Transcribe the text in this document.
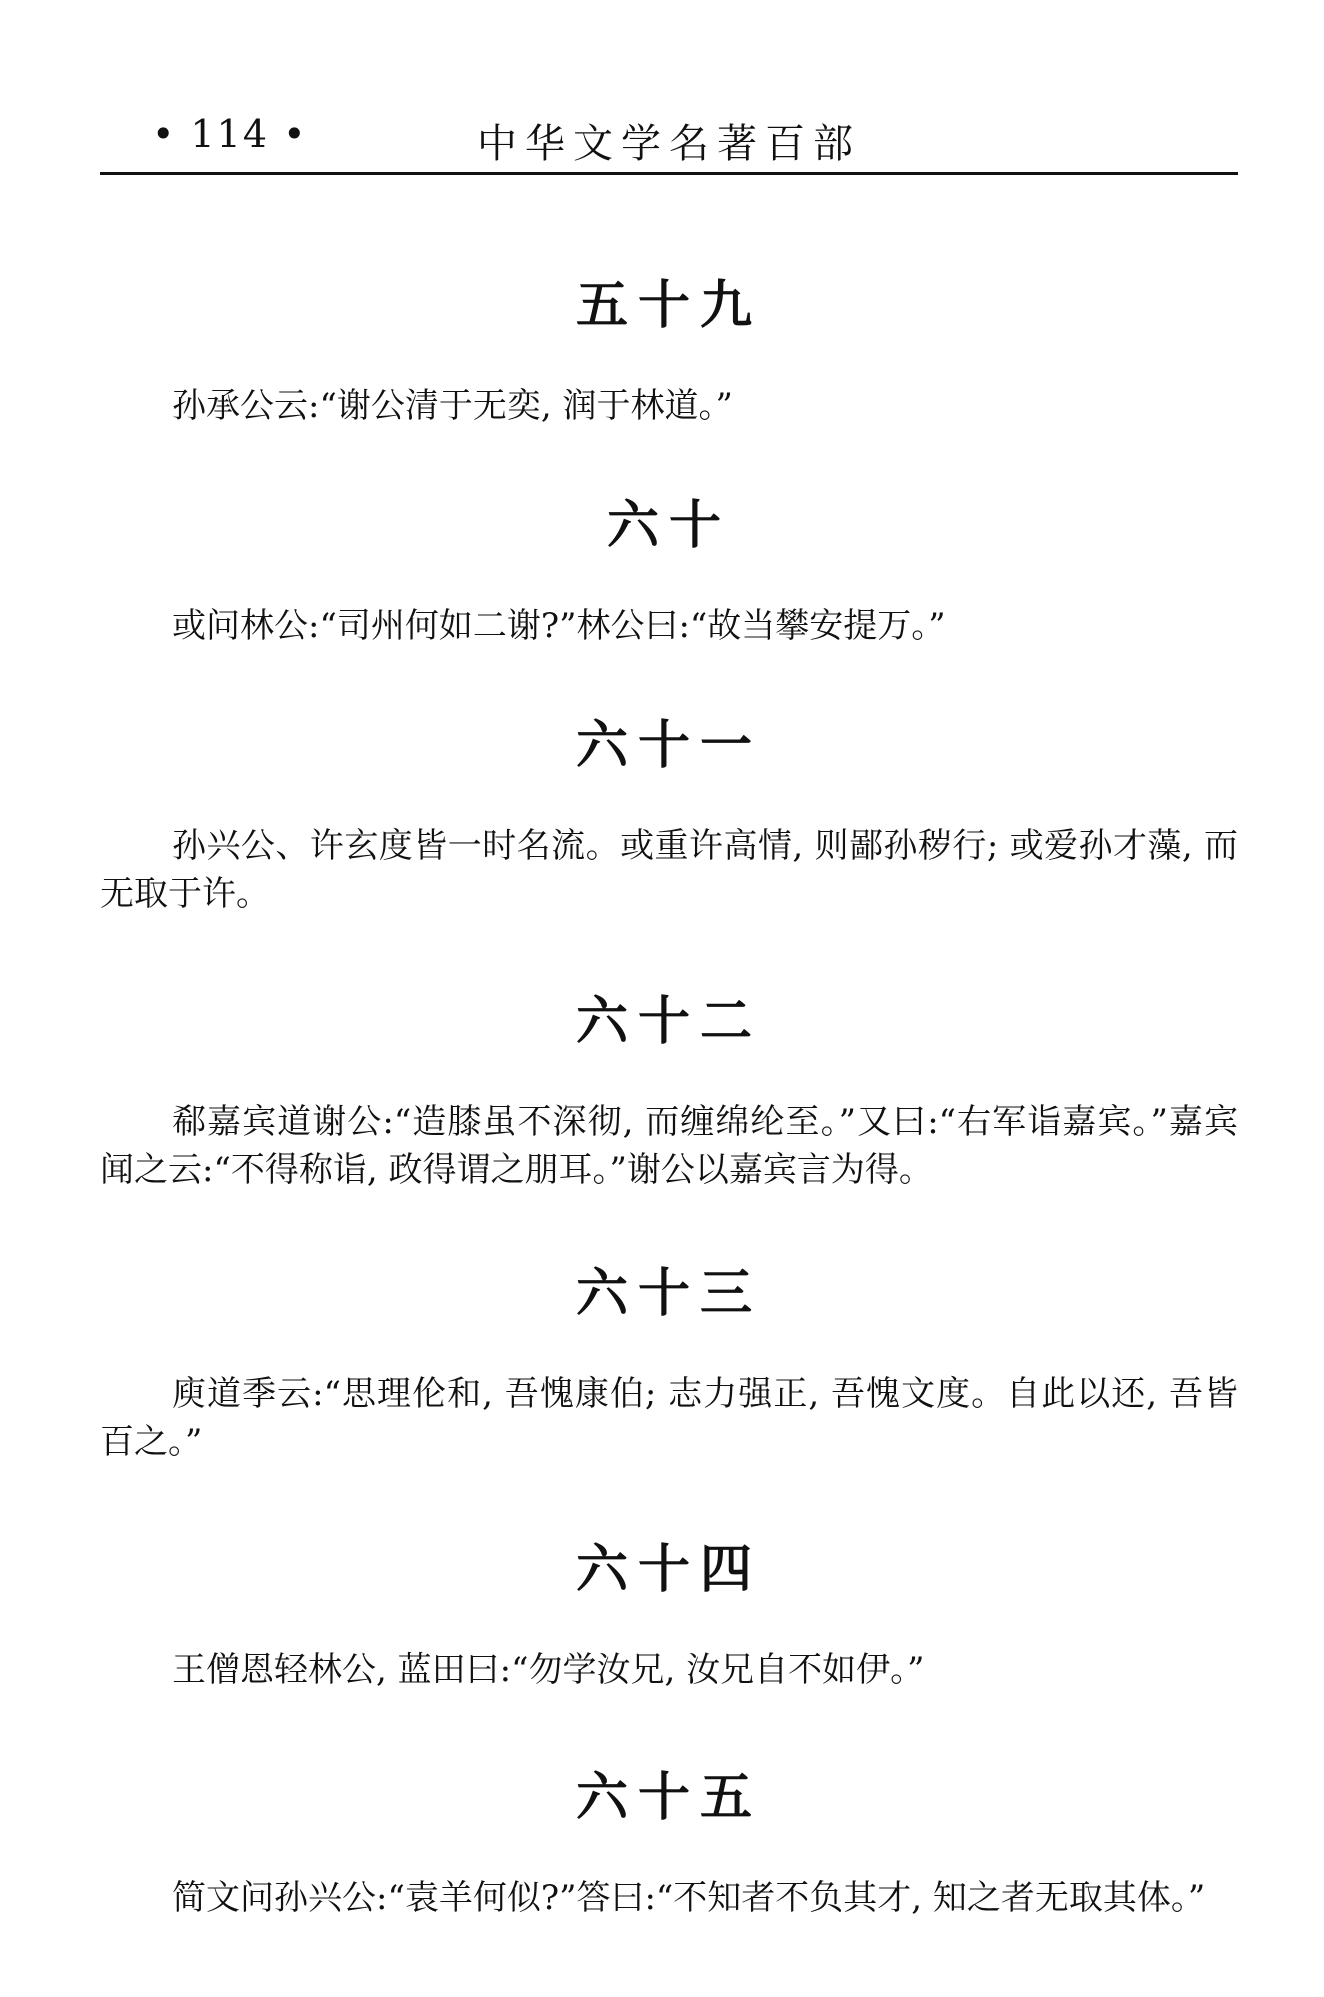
• 114 •	中华文学名著百部
五十九

孙承公云:“谢公清于无奕, 润于林道。”

六十

或问林公:“司州何如二谢?”林公曰:“故当攀安提万。”

六十一

孙兴公、许玄度皆一时名流。或重许高情, 则鄙孙秽行; 或爱孙才藻, 而无取于许。

六十二

郗嘉宾道谢公:“造膝虽不深彻, 而缠绵纶至。”又曰:“右军诣嘉宾。”嘉宾闻之云:“不得称诣, 政得谓之朋耳。”谢公以嘉宾言为得。

六十三

庾道季云:“思理伦和, 吾愧康伯; 志力强正, 吾愧文度。自此以还, 吾皆百之。”

六十四

王僧恩轻林公, 蓝田曰:“勿学汝兄, 汝兄自不如伊。”

六十五

简文问孙兴公:“袁羊何似?”答曰:“不知者不负其才, 知之者无取其体。”
